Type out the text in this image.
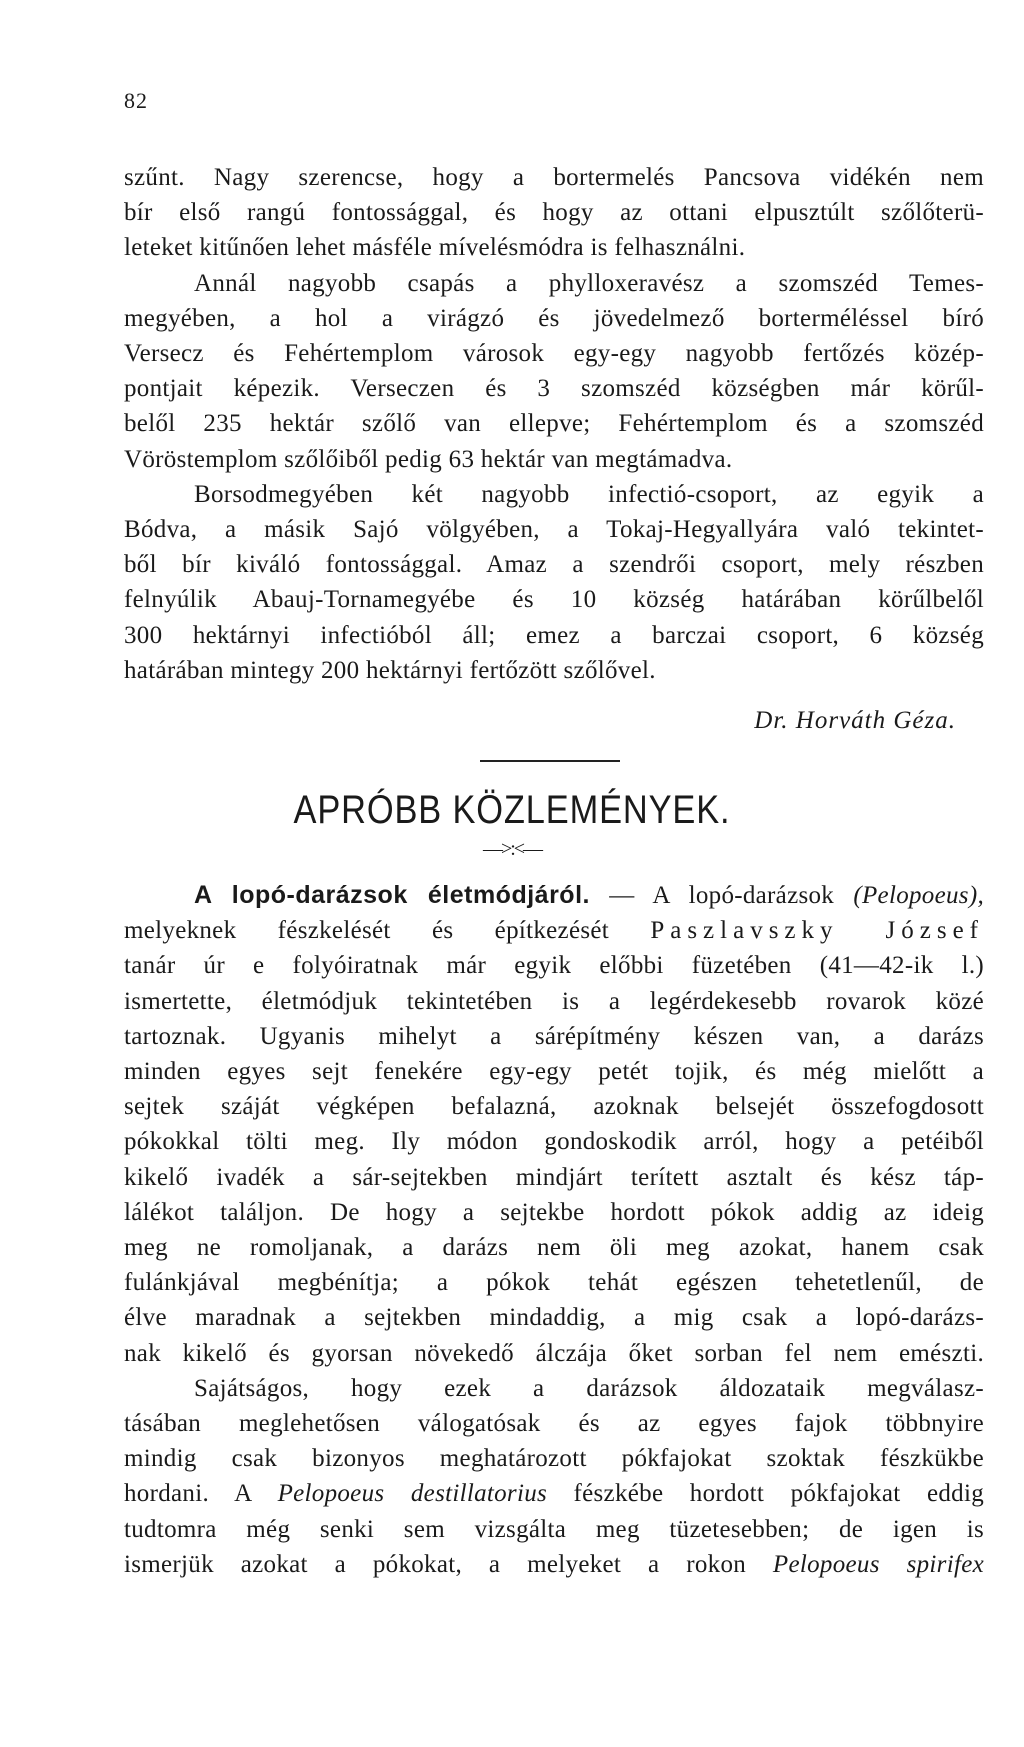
82
szűnt. Nagy szerencse, hogy a bortermelés Pancsova vidékén nem
bír első rangú fontossággal, és hogy az ottani elpusztúlt szőlőterü-
leteket kitűnően lehet másféle mívelésmódra is felhasználni.
Annál nagyobb csapás a phylloxeravész a szomszéd Temes-
megyében, a hol a virágzó és jövedelmező borterméléssel bíró
Versecz és Fehértemplom városok egy-egy nagyobb fertőzés közép-
pontjait képezik. Verseczen és 3 szomszéd községben már körűl-
belől 235 hektár szőlő van ellepve; Fehértemplom és a szomszéd
Vöröstemplom szőlőiből pedig 63 hektár van megtámadva.
Borsodmegyében két nagyobb infectió-csoport, az egyik a
Bódva, a másik Sajó völgyében, a Tokaj-Hegyallyára való tekintet-
ből bír kiváló fontossággal. Amaz a szendrői csoport, mely részben
felnyúlik Abauj-Tornamegyébe és 10 község határában körűlbelől
300 hektárnyi infectióból áll; emez a barczai csoport, 6 község
határában mintegy 200 hektárnyi fertőzött szőlővel.
Dr. Horváth Géza.
APRÓBB KÖZLEMÉNYEK.
—>:<—
A lopó-darázsok életmódjáról. — A lopó-darázsok (Pelopoeus),
melyeknek fészkelését és építkezését Paszlavszky József
tanár úr e folyóiratnak már egyik előbbi füzetében (41—42-ik l.)
ismertette, életmódjuk tekintetében is a legérdekesebb rovarok közé
tartoznak. Ugyanis mihelyt a sárépítmény készen van, a darázs
minden egyes sejt fenekére egy-egy petét tojik, és még mielőtt a
sejtek száját végképen befalazná, azoknak belsejét összefogdosott
pókokkal tölti meg. Ily módon gondoskodik arról, hogy a petéiből
kikelő ivadék a sár-sejtekben mindjárt terített asztalt és kész táp-
lálékot találjon. De hogy a sejtekbe hordott pókok addig az ideig
meg ne romoljanak, a darázs nem öli meg azokat, hanem csak
fulánkjával megbénítja; a pókok tehát egészen tehetetlenűl, de
élve maradnak a sejtekben mindaddig, a mig csak a lopó-darázs-
nak kikelő és gyorsan növekedő álczája őket sorban fel nem emészti.
Sajátságos, hogy ezek a darázsok áldozataik megválasz-
tásában meglehetősen válogatósak és az egyes fajok többnyire
mindig csak bizonyos meghatározott pókfajokat szoktak fészkükbe
hordani. A Pelopoeus destillatorius fészkébe hordott pókfajokat eddig
tudtomra még senki sem vizsgálta meg tüzetesebben; de igen is
ismerjük azokat a pókokat, a melyeket a rokon Pelopoeus spirifex
